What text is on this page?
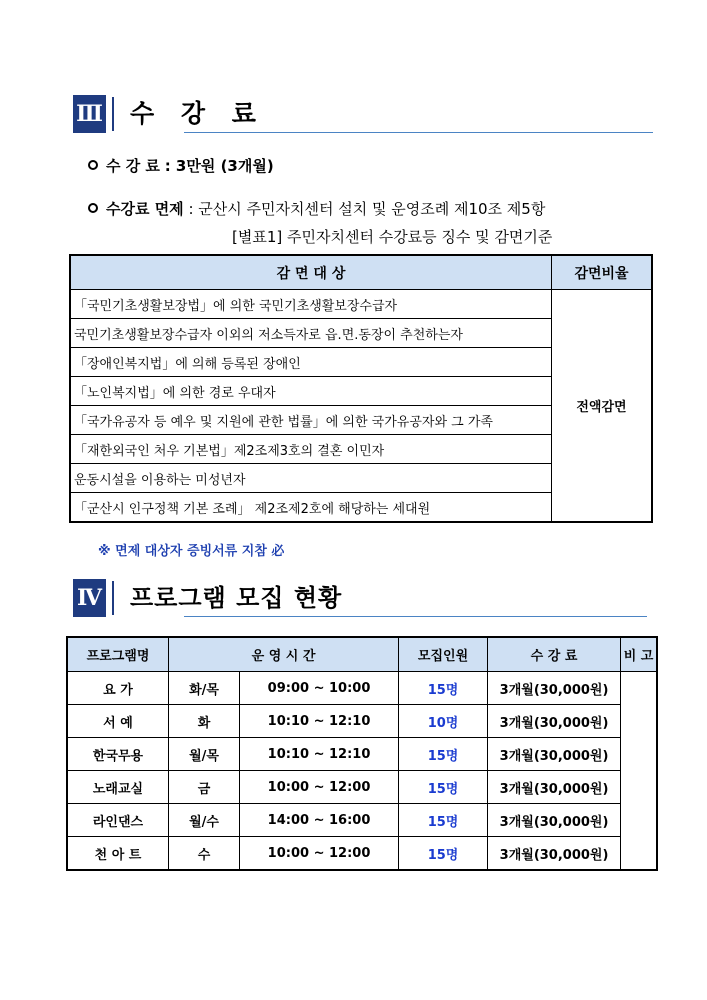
Ⅲ 수 강 료
수 강 료 : 3만원 (3개월)
수강료 면제 : 군산시 주민자치센터 설치 및 운영조례 제10조 제5항
[별표1] 주민자치센터 수강료등 징수 및 감면기준
감 면 대 상	감면비율
「국민기초생활보장법」에 의한 국민기초생활보장수급자	전액감면
국민기초생활보장수급자 이외의 저소득자로 읍.면.동장이 추천하는자	
「장애인복지법」에 의해 등록된 장애인	
「노인복지법」에 의한 경로 우대자	
「국가유공자 등 예우 및 지원에 관한 법률」에 의한 국가유공자와 그 가족	
「재한외국인 처우 기본법」제2조제3호의 결혼 이민자	
운동시설을 이용하는 미성년자	
「군산시 인구정책 기본 조례」 제2조제2호에 해당하는 세대원	
※ 면제 대상자 증빙서류 지참 必
Ⅳ 프로그램 모집 현황
프로그램명	운 영 시 간		모집인원	수 강 료	비 고
요 가	화/목	09:00 ~ 10:00	15명	3개월(30,000원)	
서 예	화	10:10 ~ 12:10	10명	3개월(30,000원)	
한국무용	월/목	10:10 ~ 12:10	15명	3개월(30,000원)	
노래교실	금	10:00 ~ 12:00	15명	3개월(30,000원)	
라인댄스	월/수	14:00 ~ 16:00	15명	3개월(30,000원)	
천 아 트	수	10:00 ~ 12:00	15명	3개월(30,000원)	
